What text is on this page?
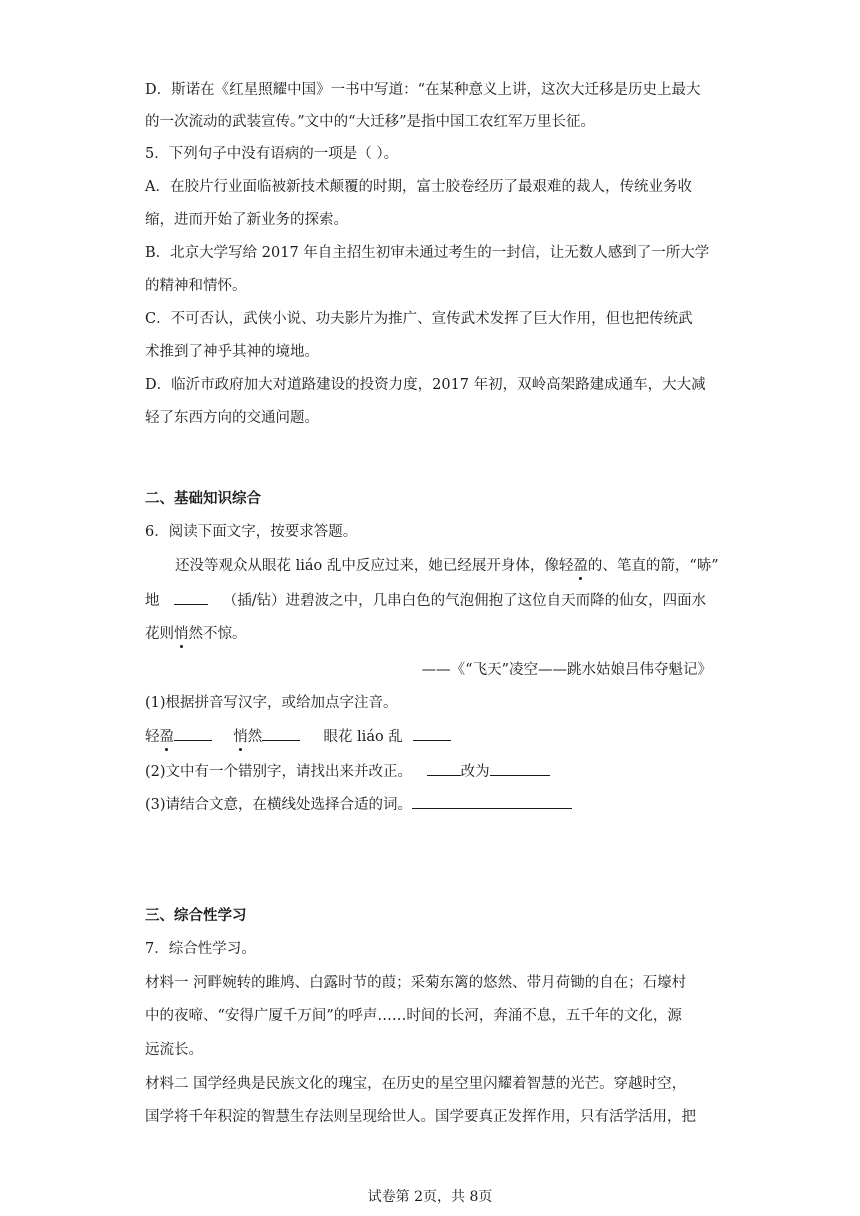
D．斯诺在《红星照耀中国》一书中写道：“在某种意义上讲，这次大迁移是历史上最大
的一次流动的武装宣传。”文中的“大迁移”是指中国工农红军万里长征。
5．下列句子中没有语病的一项是（ ）。
A．在胶片行业面临被新技术颠覆的时期，富士胶卷经历了最艰难的裁人，传统业务收
缩，进而开始了新业务的探索。
B．北京大学写给 2017 年自主招生初审未通过考生的一封信，让无数人感到了一所大学
的精神和情怀。
C．不可否认，武侠小说、功夫影片为推广、宣传武术发挥了巨大作用，但也把传统武
术推到了神乎其神的境地。
D．临沂市政府加大对道路建设的投资力度，2017 年初，双岭高架路建成通车，大大减
轻了东西方向的交通问题。
二、基础知识综合
6．阅读下面文字，按要求答题。
还没等观众从眼花 liáo 乱中反应过来，她已经展开身体，像轻盈的、笔直的箭，“哧”
地	（插/钻）进碧波之中，几串白色的气泡佣抱了这位自天而降的仙女，四面水
花则悄然不惊。
——《“飞天”凌空——跳水姑娘吕伟夺魁记》
(1)根据拼音写汉字，或给加点字注音。
轻盈	悄然	眼花 liáo 乱
(2)文中有一个错别字，请找出来并改正。	改为
(3)请结合文意，在横线处选择合适的词。
三、综合性学习
7．综合性学习。
材料一 河畔婉转的雎鸠、白露时节的葭；采菊东篱的悠然、带月荷锄的自在；石壕村
中的夜啼、“安得广厦千万间”的呼声……时间的长河，奔涌不息，五千年的文化，源
远流长。
材料二 国学经典是民族文化的瑰宝，在历史的星空里闪耀着智慧的光芒。穿越时空，
国学将千年积淀的智慧生存法则呈现给世人。国学要真正发挥作用，只有活学活用，把
试卷第 2页，共 8页
